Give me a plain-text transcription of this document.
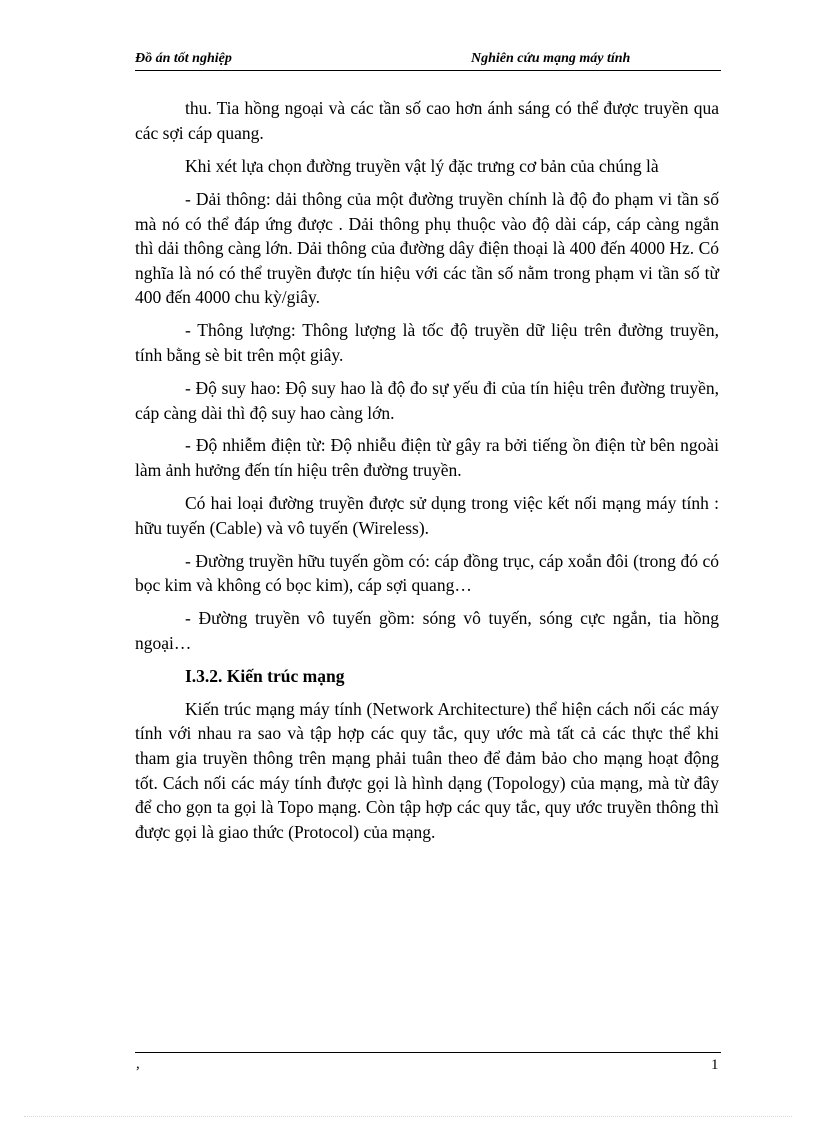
Đồ án tốt nghiệp	Nghiên cứu mạng máy tính

thu. Tia hồng ngoại và các tần số cao hơn ánh sáng có thể được truyền qua các sợi cáp quang.

Khi xét lựa chọn đường truyền vật lý đặc trưng cơ bản của chúng là

- Dải thông: dải thông của một đường truyền chính là độ đo phạm vi tần số mà nó có thể đáp ứng được . Dải thông phụ thuộc vào độ dài cáp, cáp càng ngắn thì dải thông càng lớn. Dải thông của đường dây điện thoại là 400 đến 4000 Hz. Có nghĩa là nó có thể truyền được tín hiệu với các tần số nằm trong phạm vi tần số từ 400 đến 4000 chu kỳ/giây.

- Thông lượng: Thông lượng là tốc độ truyền dữ liệu trên đường truyền, tính bằng sè bit trên một giây.

- Độ suy hao: Độ suy hao là độ đo sự yếu đi của tín hiệu trên đường truyền, cáp càng dài thì độ suy hao càng lớn.

- Độ nhiễm điện từ: Độ nhiễu điện từ gây ra bởi tiếng ồn điện từ bên ngoài làm ảnh hưởng đến tín hiệu trên đường truyền.

Có hai loại đường truyền được sử dụng trong việc kết nối mạng máy tính : hữu tuyến (Cable) và vô tuyến (Wireless).

- Đường truyền hữu tuyến gồm có: cáp đồng trục, cáp xoắn đôi (trong đó có bọc kim và không có bọc kim), cáp sợi quang…

- Đường truyền vô tuyến gồm: sóng vô tuyến, sóng cực ngắn, tia hồng ngoại…

I.3.2. Kiến trúc mạng

Kiến trúc mạng máy tính (Network Architecture) thể hiện cách nối các máy tính với nhau ra sao và tập hợp các quy tắc, quy ước mà tất cả các thực thể khi tham gia truyền thông trên mạng phải tuân theo để đảm bảo cho mạng hoạt động tốt. Cách nối các máy tính được gọi là hình dạng (Topology) của mạng, mà từ đây để cho gọn ta gọi là Topo mạng. Còn tập hợp các quy tắc, quy ước truyền thông thì được gọi là giao thức (Protocol) của mạng.

,	1
